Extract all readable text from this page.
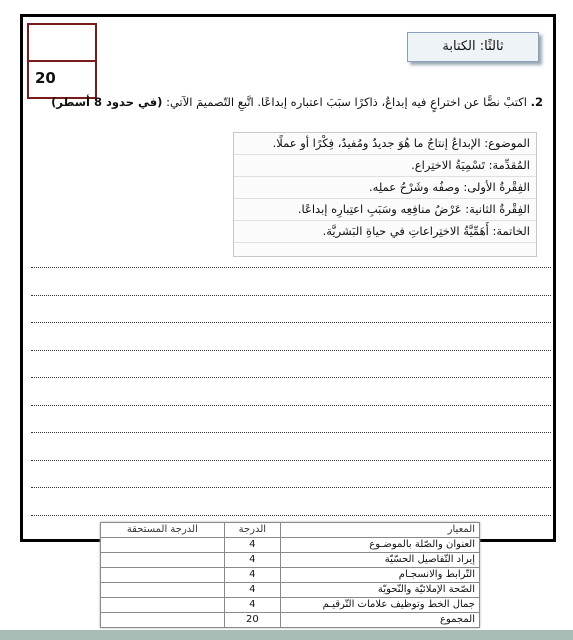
20
ثالثًا: الكتابة
2. اكتبْ نصًّا عن اختراعٍ فيه إبداعٌ، ذاكرًا سبَبَ اعتباره إبداعًا. اتَّبعِ التّصميمَ الآتي: (في حدود 8 أسطر)
الموضوع: الإبداعُ إنتاجُ ما هُوَ جديدٌ ومُفيدٌ، فِكْرًا أو عملًا.
المُقدِّمة: تَسْمِيَةُ الاختِراع.
الفِقْرةُ الأولى: وصفُه وشَرْحُ عملِه.
الفِقْرةُ الثانية: عَرْضُ منافِعِه وسَبَبِ اعتِبارِه إبداعًا.
الخاتمة: أَهَمِّيَّةُ الاختِراعاتِ في حياةِ البَشريَّة.
المعيار	الدرجة	الدرجة المستحقة
العنوان والصّلة بالموضـوع	4	
إيراد التّفاصيل الحسّيّة	4	
التّرابط والانسجـام	4	
الصّحة الإملائيّة والنّحويّة	4	
جمال الخط وتوظيف علامات التّرقيـم	4	
المجموع	20	
